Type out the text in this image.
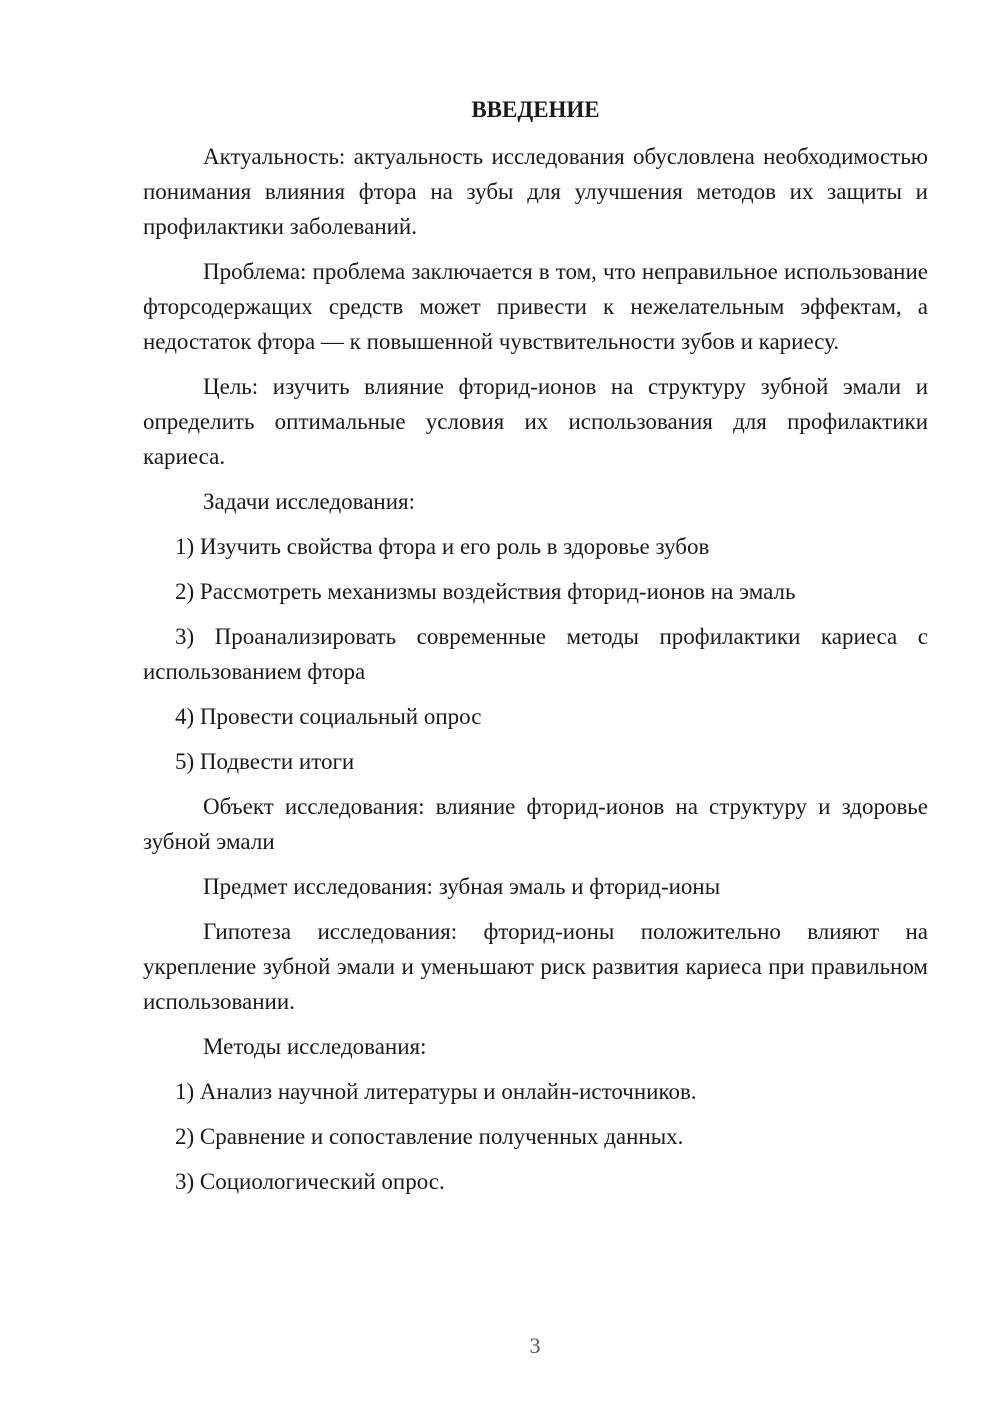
ВВЕДЕНИЕ

Актуальность: актуальность исследования обусловлена необходимостью понимания влияния фтора на зубы для улучшения методов их защиты и профилактики заболеваний.

Проблема: проблема заключается в том, что неправильное использование фторсодержащих средств может привести к нежелательным эффектам, а недостаток фтора — к повышенной чувствительности зубов и кариесу.

Цель: изучить влияние фторид-ионов на структуру зубной эмали и определить оптимальные условия их использования для профилактики кариеса.

Задачи исследования:

1) Изучить свойства фтора и его роль в здоровье зубов

2) Рассмотреть механизмы воздействия фторид-ионов на эмаль

3) Проанализировать современные методы профилактики кариеса с использованием фтора

4) Провести социальный опрос

5) Подвести итоги

Объект исследования: влияние фторид-ионов на структуру и здоровье зубной эмали

Предмет исследования: зубная эмаль и фторид-ионы

Гипотеза исследования: фторид-ионы положительно влияют на укрепление зубной эмали и уменьшают риск развития кариеса при правильном использовании.

Методы исследования:

1) Анализ научной литературы и онлайн-источников.

2) Сравнение и сопоставление полученных данных.

3) Социологический опрос.

3
